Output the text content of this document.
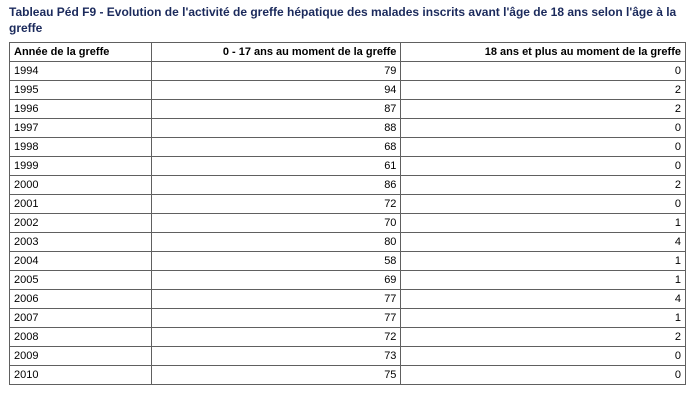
Tableau Péd F9 - Evolution de l'activité de greffe hépatique des malades inscrits avant l'âge de 18 ans selon l'âge à la greffe
Année de la greffe	0 - 17 ans au moment de la greffe	18 ans et plus au moment de la greffe
1994	79	0
1995	94	2
1996	87	2
1997	88	0
1998	68	0
1999	61	0
2000	86	2
2001	72	0
2002	70	1
2003	80	4
2004	58	1
2005	69	1
2006	77	4
2007	77	1
2008	72	2
2009	73	0
2010	75	0
